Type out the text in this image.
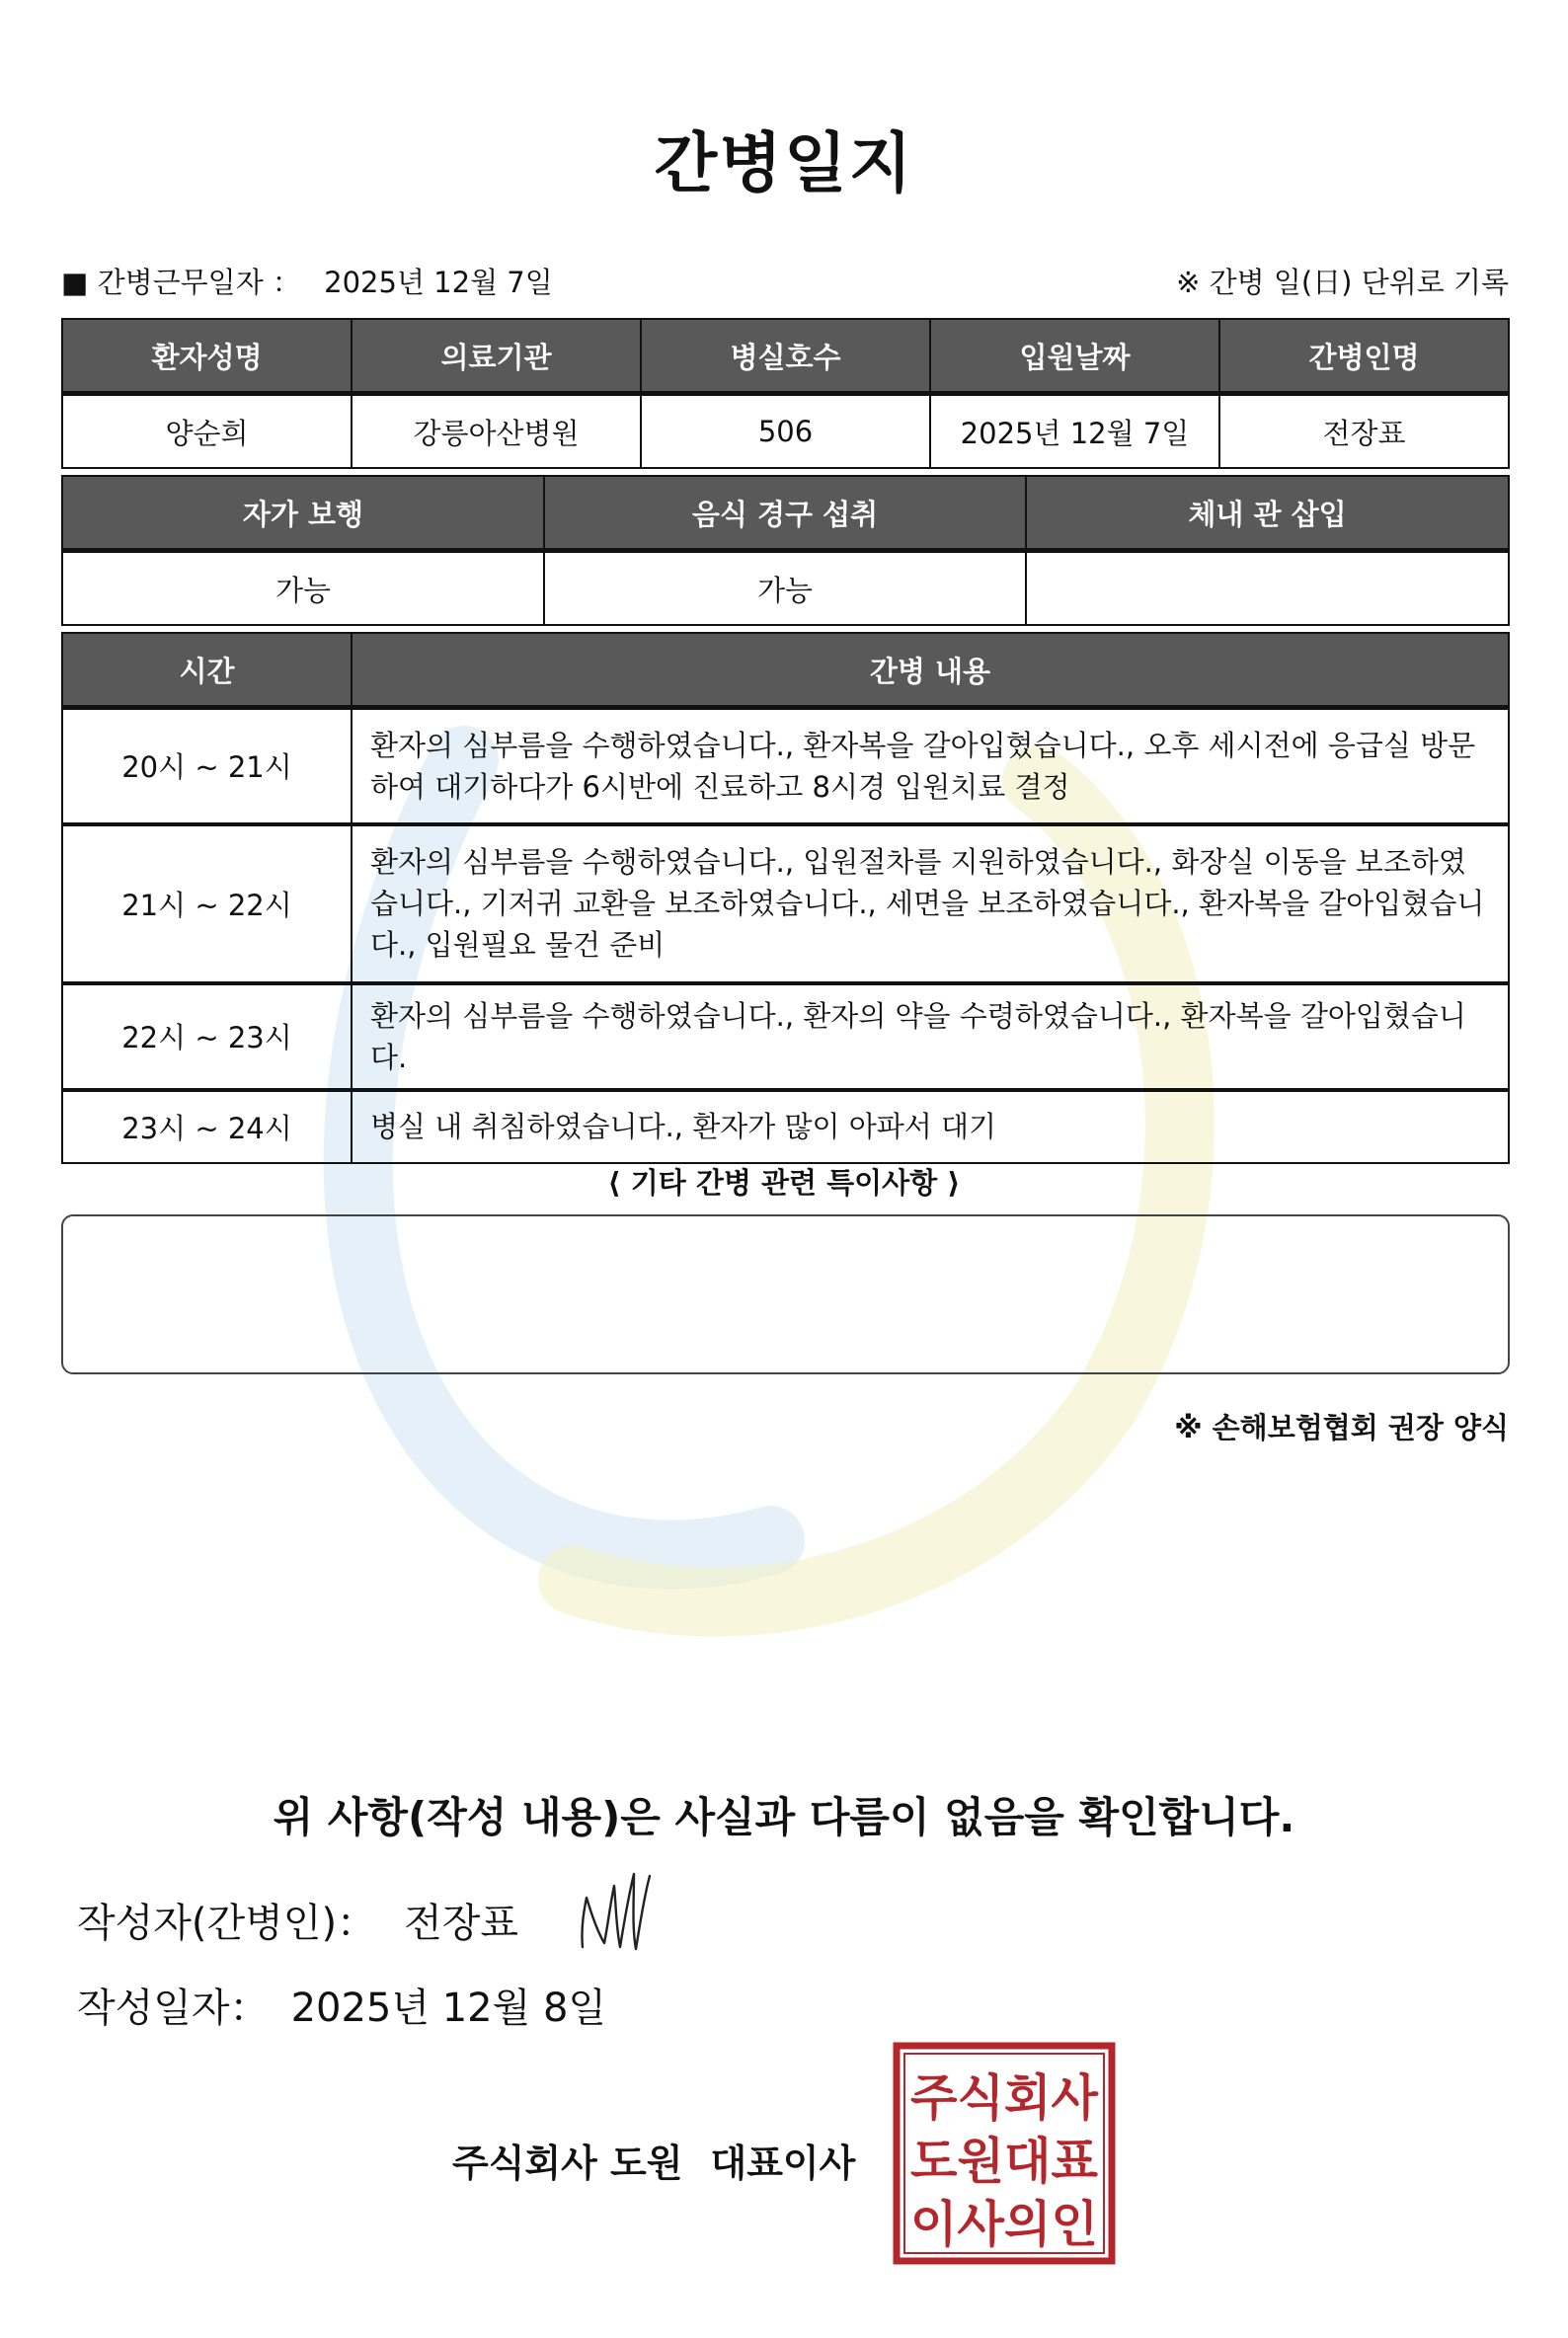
간병일지
■ 간병근무일자 ： 2025년 12월 7일	※ 간병 일(日) 단위로 기록
환자성명	의료기관	병실호수	입원날짜	간병인명
양순희	강릉아산병원	506	2025년 12월 7일	전장표
자가 보행	음식 경구 섭취	체내 관 삽입
가능	가능	
시간	간병 내용
20시 ~ 21시	환자의 심부름을 수행하였습니다., 환자복을 갈아입혔습니다., 오후 세시전에 응급실 방문하여 대기하다가 6시반에 진료하고 8시경 입원치료 결정
21시 ~ 22시	환자의 심부름을 수행하였습니다., 입원절차를 지원하였습니다., 화장실 이동을 보조하였습니다., 기저귀 교환을 보조하였습니다., 세면을 보조하였습니다., 환자복을 갈아입혔습니다., 입원필요 물건 준비
22시 ~ 23시	환자의 심부름을 수행하였습니다., 환자의 약을 수령하였습니다., 환자복을 갈아입혔습니다.
23시 ~ 24시	병실 내 취침하였습니다., 환자가 많이 아파서 대기
⟨ 기타 간병 관련 특이사항 ⟩
※ 손해보험협회 권장 양식
위 사항(작성 내용)은 사실과 다름이 없음을 확인합니다.
작성자(간병인)： 전장표
작성일자： 2025년 12월 8일
주식회사 도원 대표이사
주식회사
도원대표
이사의인
